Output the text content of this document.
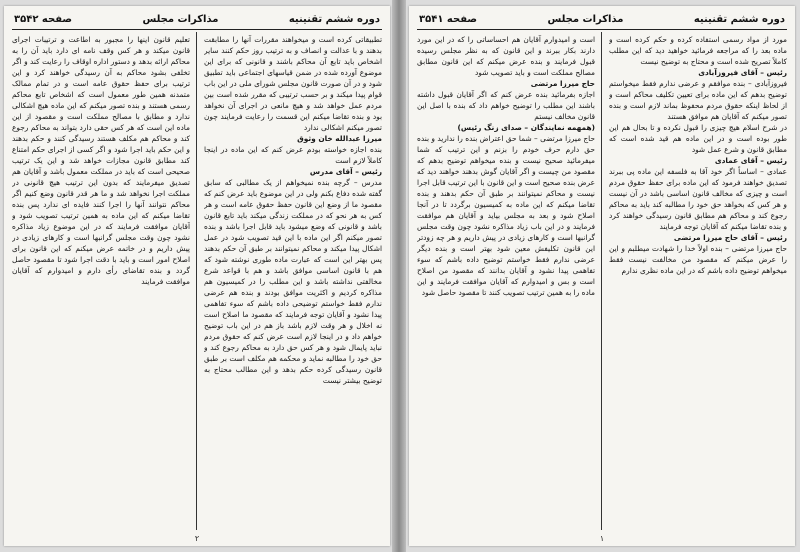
دوره ششم تقنینیه
مذاکرات مجلس
صفحه ۳۵۴۲

تطبیقاتی کرده است و میخواهند مقررات آنها را مطابقت بدهند و با عدالت و انصاف و به ترتیب روز حکم کنند سایر اشخاص باید تابع آن محاکم باشند و قانونی که برای این موضوع آورده شده در ضمن قیاسهای اجتماعی باید تطبیق شود و در آن صورت قانون مجلس شورای ملی در این باب قوام پیدا میکند و بر حسب ترتیبی که مقرر شده است بین مردم عمل خواهد شد و هیچ مانعی در اجرای آن نخواهد بود و بنده تقاضا میکنم این قسمت را رعایت فرمایند چون تصور میکنم اشکالی ندارد

میرزا عبدالله خان وثوق

بنده اجازه خواسته بودم عرض کنم که این ماده در اینجا کاملاً لازم است

رئیس – آقای مدرس

مدرس – گرچه بنده نمیخواهم از یک مطالبی که سابق گفته شده دفاع بکنم ولی در این موضوع باید عرض کنم که مقصود ما از وضع این قانون حفظ حقوق عامه است و هر کس به هر نحو که در مملکت زندگی میکند باید تابع قانون باشد و قانونی که وضع میشود باید قابل اجرا باشد و بنده تصور میکنم اگر این ماده با این قید تصویب شود در عمل اشکال پیدا میکند و محاکم نمیتوانند بر طبق آن حکم بدهند پس بهتر این است که عبارت ماده طوری نوشته شود که هم با قانون اساسی موافق باشد و هم با قواعد شرع مخالفتی نداشته باشد و این مطلب را در کمیسیون هم مذاکره کردیم و اکثریت موافق بودند و بنده هم عرضی ندارم فقط خواستم توضیحی داده باشم که سوء تفاهمی پیدا نشود و آقایان توجه فرمایند که مقصود ما اصلاح است نه اخلال و هر وقت لازم باشد باز هم در این باب توضیح خواهم داد و در اینجا لازم است عرض کنم که حقوق مردم نباید پایمال شود و هر کس حق دارد به محاکم رجوع کند و حق خود را مطالبه نماید و محکمه هم مکلف است بر طبق قانون رسیدگی کرده حکم بدهد و این مطالب محتاج به توضیح بیشتر نیست

تعلیم قانون اینها را مجبور به اطاعت و ترتیبات اجرای قانون میکند و هر کس وقف نامه ای دارد باید آن را به محاکم ارائه بدهد و دستور اداره اوقاف را رعایت کند و اگر تخلفی بشود محاکم به آن رسیدگی خواهند کرد و این ترتیب برای حفظ حقوق عامه است و در تمام ممالک متمدنه همین طور معمول است که اشخاص تابع محاکم رسمی هستند و بنده تصور میکنم که این ماده هیچ اشکالی ندارد و مطابق با مصالح مملکت است و مقصود از این ماده این است که هر کس حقی دارد بتواند به محاکم رجوع کند و محاکم هم مکلف هستند رسیدگی کنند و حکم بدهند و این حکم باید اجرا شود و اگر کسی از اجرای حکم امتناع کند مطابق قانون مجازات خواهد شد و این یک ترتیب صحیحی است که باید در مملکت معمول باشد و آقایان هم تصدیق میفرمایند که بدون این ترتیب هیچ قانونی در مملکت اجرا نخواهد شد و ما هر قدر قانون وضع کنیم اگر محاکم نتوانند آنها را اجرا کنند فایده ای ندارد پس بنده تقاضا میکنم که این ماده به همین ترتیب تصویب شود و آقایان موافقت فرمایند که در این موضوع زیاد مذاکره نشود چون وقت مجلس گرانبها است و کارهای زیادی در پیش داریم و در خاتمه عرض میکنم که این قانون برای اصلاح امور است و باید با دقت اجرا شود تا مقصود حاصل گردد و بنده تقاضای رأی دارم و امیدوارم که آقایان موافقت فرمایند

۲
دوره ششم تقنینیه
مذاکرات مجلس
صفحه ۳۵۴۱

مورد از مواد رسمی استفاده کرده و حکم کرده است و ماده بعد را که مراجعه فرمائید خواهید دید که این مطلب کاملاً تصریح شده است و محتاج به توضیح نیست

رئیس – آقای فیروزآبادی

فیروزآبادی – بنده موافقم و عرضی ندارم فقط میخواستم توضیح بدهم که این ماده برای تعیین تکلیف محاکم است و از لحاظ اینکه حقوق مردم محفوظ بماند لازم است و بنده تصور میکنم که آقایان هم موافق هستند

در شرح اسلام هیچ چیزی را قبول نکرده و تا بحال هم این طور بوده است و در این ماده هم قید شده است که مطابق قانون و شرع عمل شود

رئیس – آقای عمادی

عمادی – اساساً اگر خود آقا به فلسفه این ماده پی ببرند تصدیق خواهند فرمود که این ماده برای حفظ حقوق مردم است و چیزی که مخالف قانون اساسی باشد در آن نیست و هر کس که بخواهد حق خود را مطالبه کند باید به محاکم رجوع کند و محاکم هم مطابق قانون رسیدگی خواهند کرد و بنده تقاضا میکنم که آقایان توجه فرمایند

رئیس – آقای حاج میرزا مرتضی

حاج میرزا مرتضی – بنده اولاً خدا را شهادت میطلبم و این را عرض میکنم که مقصود من مخالفت نیست فقط میخواهم توضیح داده باشم که در این ماده نظری ندارم

است و امیدوارم آقایان هم احساساتی را که در این مورد دارند بکار ببرند و این قانون که به نظر مجلس رسیده قبول فرمایند و بنده عرض میکنم که این قانون مطابق مصالح مملکت است و باید تصویب شود

حاج میرزا مرتضی

اجازه بفرمائید بنده عرض کنم که اگر آقایان قبول داشته باشند این مطلب را توضیح خواهم داد که بنده با اصل این قانون مخالف نیستم

(همهمه نمایندگان – صدای زنگ رئیس)

حاج میرزا مرتضی – شما حق اعتراض بنده را ندارید و بنده حق دارم حرف خودم را بزنم و این ترتیب که شما میفرمائید صحیح نیست و بنده میخواهم توضیح بدهم که مقصود من چیست و اگر آقایان گوش بدهند خواهند دید که عرض بنده صحیح است و این قانون با این ترتیب قابل اجرا نیست و محاکم نمیتوانند بر طبق آن حکم بدهند و بنده تقاضا میکنم که این ماده به کمیسیون برگردد تا در آنجا اصلاح شود و بعد به مجلس بیاید و آقایان هم موافقت فرمایند و در این باب زیاد مذاکره نشود چون وقت مجلس گرانبها است و کارهای زیادی در پیش داریم و هر چه زودتر این قانون تکلیفش معین شود بهتر است و بنده دیگر عرضی ندارم فقط خواستم توضیح داده باشم که سوء تفاهمی پیدا نشود و آقایان بدانند که مقصود من اصلاح است و بس و امیدوارم که آقایان موافقت فرمایند و این ماده را به همین ترتیب تصویب کنند تا مقصود حاصل شود

۱
